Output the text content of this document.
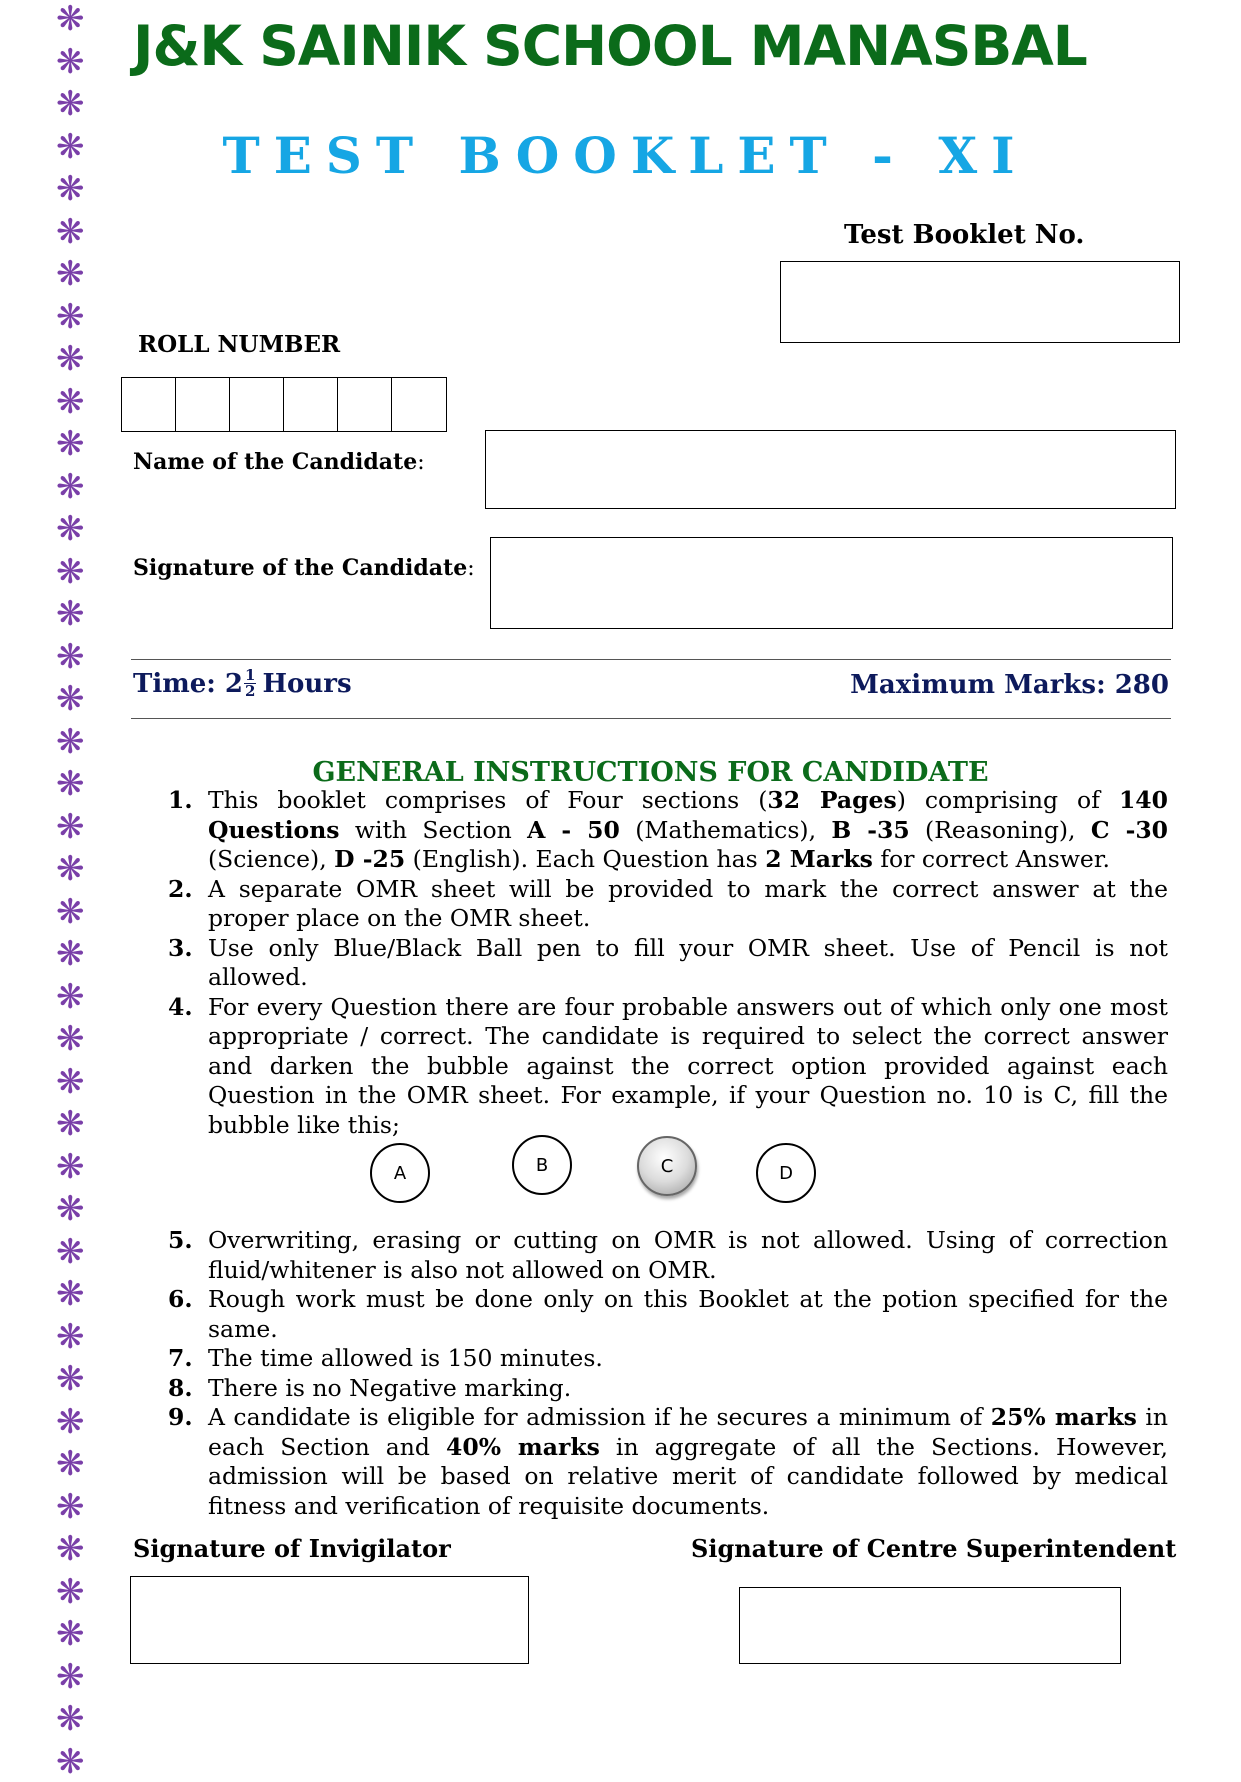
❋
❋
❋
❋
❋
❋
❋
❋
❋
❋
❋
❋
❋
❋
❋
❋
❋
❋
❋
❋
❋
❋
❋
❋
❋
❋
❋
❋
❋
❋
❋
❋
❋
❋
❋
❋
❋
❋
❋
❋
❋
❋
J&K SAINIK SCHOOL MANASBAL
TEST BOOKLET - XI
Test Booklet No.
ROLL NUMBER
Name of the Candidate:
Signature of the Candidate:
Time: $2 \frac{1}{2}$ Hours	Maximum Marks: 280
GENERAL INSTRUCTIONS FOR CANDIDATE
1. This booklet comprises of Four sections (32 Pages) comprising of 140 Questions with Section A - 50 (Mathematics), B -35 (Reasoning), C -30 (Science), D -25 (English). Each Question has 2 Marks for correct Answer.
2. A separate OMR sheet will be provided to mark the correct answer at the proper place on the OMR sheet.
3. Use only Blue/Black Ball pen to fill your OMR sheet. Use of Pencil is not allowed.
4. For every Question there are four probable answers out of which only one most appropriate / correct. The candidate is required to select the correct answer and darken the bubble against the correct option provided against each Question in the OMR sheet. For example, if your Question no. 10 is C, fill the bubble like this;
A	B	C	D
5. Overwriting, erasing or cutting on OMR is not allowed. Using of correction fluid/whitener is also not allowed on OMR.
6. Rough work must be done only on this Booklet at the potion specified for the same.
7. The time allowed is 150 minutes.
8. There is no Negative marking.
9. A candidate is eligible for admission if he secures a minimum of 25% marks in each Section and 40% marks in aggregate of all the Sections. However, admission will be based on relative merit of candidate followed by medical fitness and verification of requisite documents.
Signature of Invigilator	Signature of Centre Superintendent
